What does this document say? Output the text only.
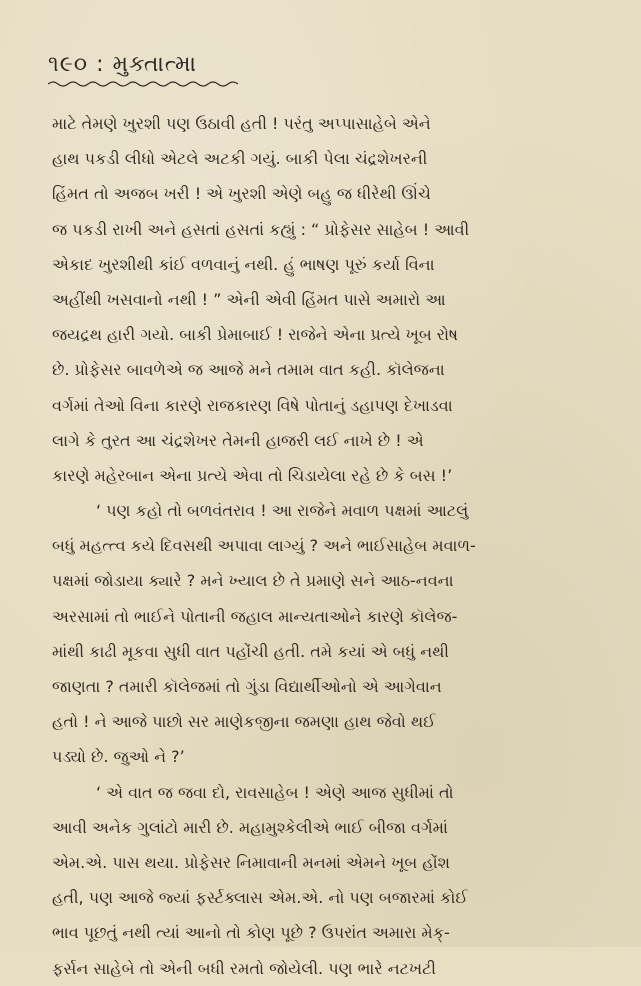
૧૯૦ : મુક્તાત્મા
માટે તેમણે ખુરશી પણ ઉઠાવી હતી ! પરંતુ અપ્પાસાહેબે એને
હાથ પકડી લીધો એટલે અટકી ગયું. બાકી પેલા ચંદ્રશેખરની
હિંમત તો અજબ ખરી ! એ ખુરશી એણે બહુ જ ધીરેથી ઊંચે
જ પકડી રાખી અને હસતાં હસતાં કહ્યું : “ પ્રોફેસર સાહેબ ! આવી
એકાદ ખુરશીથી કાંઈ વળવાનું નથી. હું ભાષણ પૂરું કર્યા વિના
અહીંથી ખસવાનો નથી ! ” એની એવી હિંમત પાસે અમારો આ
જયદ્રથ હારી ગયો. બાકી પ્રેમાબાઈ ! રાજેને એના પ્રત્યે ખૂબ રોષ
છે. પ્રોફેસર બાવળેએ જ આજે મને તમામ વાત કહી. કૉલેજના
વર્ગમાં તેઓ વિના કારણે રાજકારણ વિષે પોતાનું ડહાપણ દેખાડવા
લાગે કે તુરત આ ચંદ્રશેખર તેમની હાજરી લઈ નાખે છે ! એ
કારણે મહેરબાન એના પ્રત્યે એવા તો ચિડાયેલા રહે છે કે બસ !’
‘ પણ કહો તો બળવંતરાવ ! આ રાજેને મવાળ પક્ષમાં આટલું
બધું મહત્ત્વ કયે દિવસથી અપાવા લાગ્યું ? અને ભાઈસાહેબ મવાળ-
પક્ષમાં જોડાયા ક્યારે ? મને ખ્યાલ છે તે પ્રમાણે સને આઠ-નવના
અરસામાં તો ભાઈને પોતાની જહાલ માન્યતાઓને કારણે કૉલેજ-
માંથી કાઢી મૂકવા સુધી વાત પહોંચી હતી. તમે કયાં એ બધું નથી
જાણતા ? તમારી કૉલેજમાં તો ગુંડા વિદ્યાર્થીઓનો એ આગેવાન
હતો ! ને આજે પાછો સર માણેકજીના જમણા હાથ જેવો થઈ
પડ્યો છે. જુઓ ને ?’
‘ એ વાત જ જવા દો, રાવસાહેબ ! એણે આજ સુધીમાં તો
આવી અનેક ગુલાંટો મારી છે. મહામુશ્કેલીએ ભાઈ બીજા વર્ગમાં
એમ.એ. પાસ થયા. પ્રોફેસર નિમાવાની મનમાં એમને ખૂબ હોંશ
હતી, પણ આજે જ્યાં ફર્સ્ટક્લાસ એમ.એ. નો પણ બજારમાં કોઈ
ભાવ પૂછતું નથી ત્યાં આનો તો કોણ પૂછે ? ઉપરાંત અમારા મેક્-
ફર્સન સાહેબે તો એની બધી રમતો જોયેલી. પણ ભારે નટખટી
